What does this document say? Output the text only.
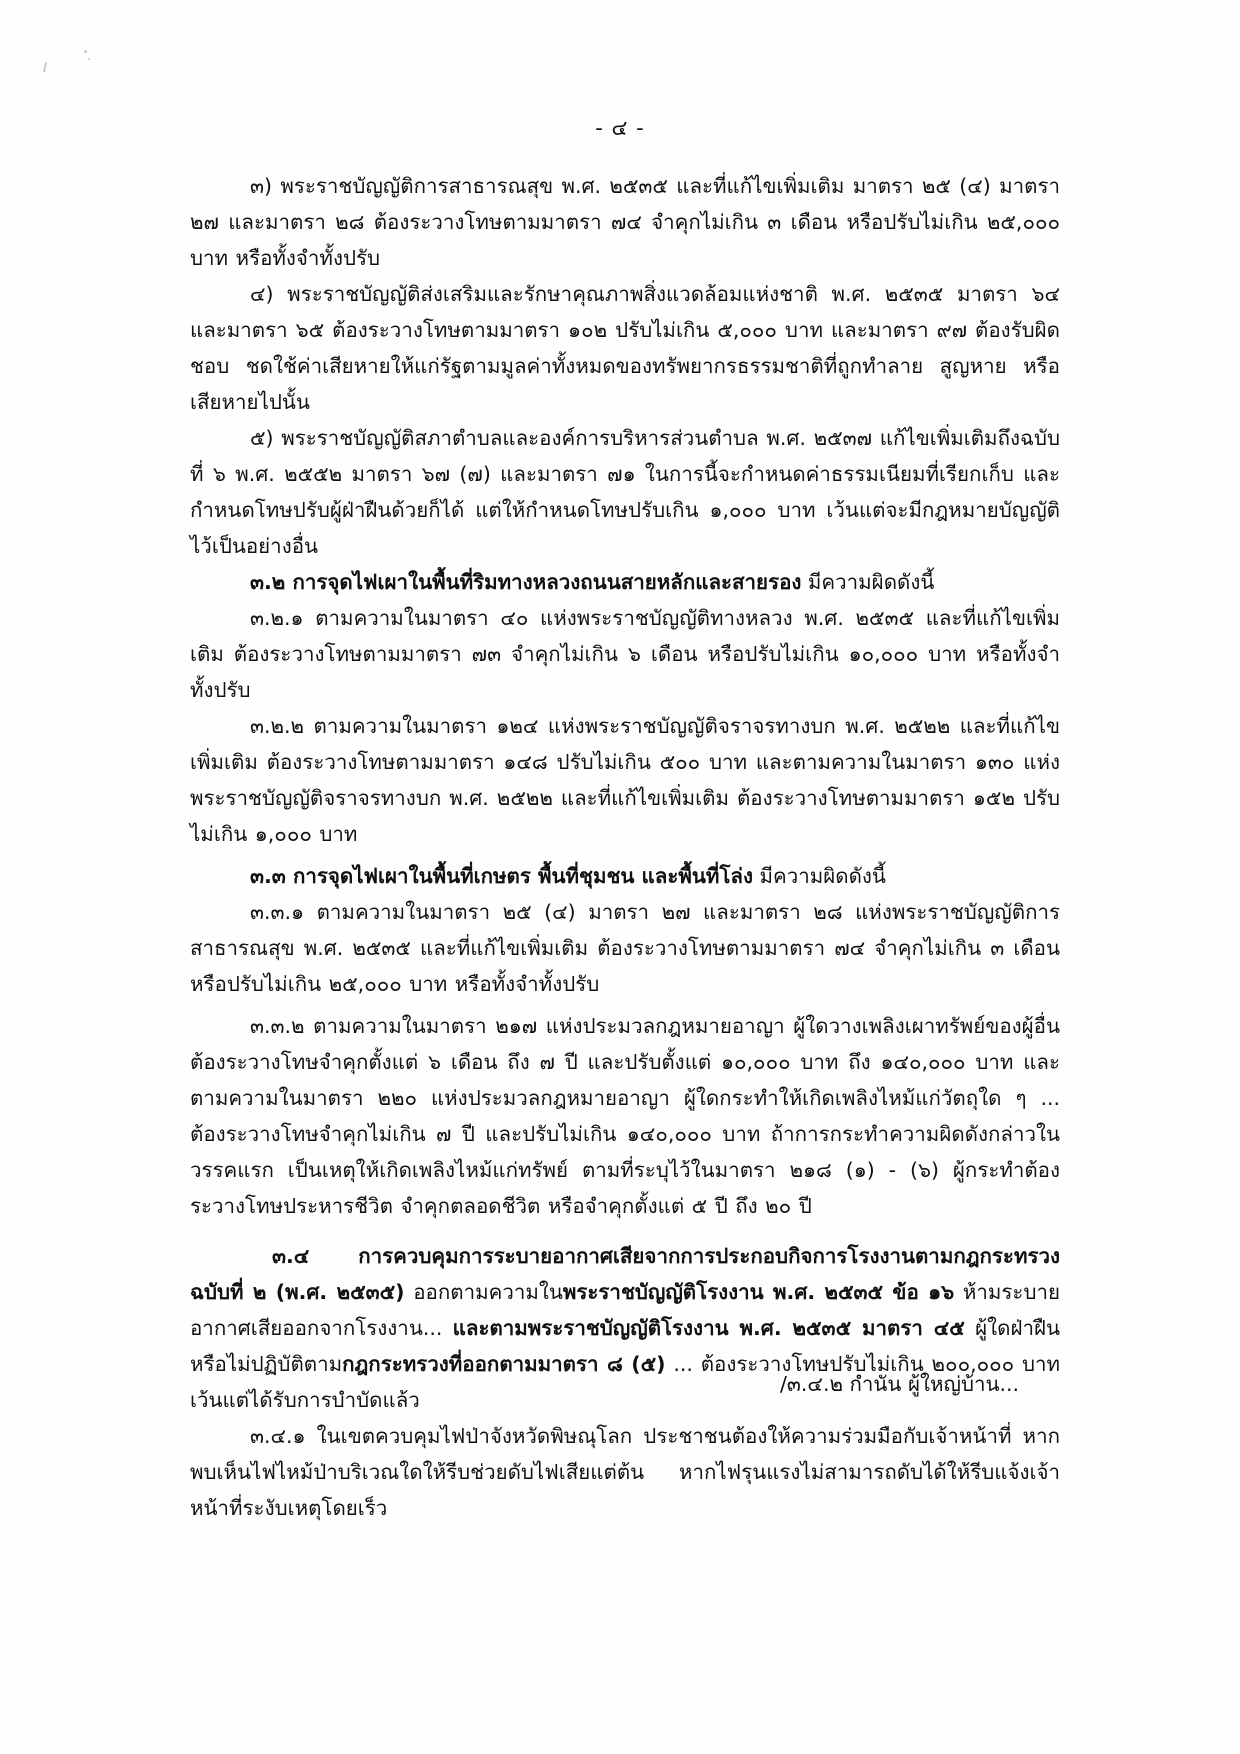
- ๔ -

๓) พระราชบัญญัติการสาธารณสุข พ.ศ. ๒๕๓๕ และที่แก้ไขเพิ่มเติม มาตรา ๒๕ (๔) มาตรา ๒๗ และมาตรา ๒๘ ต้องระวางโทษตามมาตรา ๗๔ จำคุกไม่เกิน ๓ เดือน หรือปรับไม่เกิน ๒๕,๐๐๐ บาท หรือทั้งจำทั้งปรับ

๔) พระราชบัญญัติส่งเสริมและรักษาคุณภาพสิ่งแวดล้อมแห่งชาติ พ.ศ. ๒๕๓๕ มาตรา ๖๔ และมาตรา ๖๕ ต้องระวางโทษตามมาตรา ๑๐๒ ปรับไม่เกิน ๕,๐๐๐ บาท และมาตรา ๙๗ ต้องรับผิดชอบ ชดใช้ค่าเสียหายให้แก่รัฐตามมูลค่าทั้งหมดของทรัพยากรธรรมชาติที่ถูกทำลาย สูญหาย หรือเสียหายไปนั้น

๕) พระราชบัญญัติสภาตำบลและองค์การบริหารส่วนตำบล พ.ศ. ๒๕๓๗ แก้ไขเพิ่มเติมถึงฉบับที่ ๖ พ.ศ. ๒๕๕๒ มาตรา ๖๗ (๗) และมาตรา ๗๑ ในการนี้จะกำหนดค่าธรรมเนียมที่เรียกเก็บ และกำหนดโทษปรับผู้ฝ่าฝืนด้วยก็ได้ แต่ให้กำหนดโทษปรับเกิน ๑,๐๐๐ บาท เว้นแต่จะมีกฎหมายบัญญัติไว้เป็นอย่างอื่น

๓.๒ การจุดไฟเผาในพื้นที่ริมทางหลวงถนนสายหลักและสายรอง มีความผิดดังนี้

๓.๒.๑ ตามความในมาตรา ๔๐ แห่งพระราชบัญญัติทางหลวง พ.ศ. ๒๕๓๕ และที่แก้ไขเพิ่มเติม ต้องระวางโทษตามมาตรา ๗๓ จำคุกไม่เกิน ๖ เดือน หรือปรับไม่เกิน ๑๐,๐๐๐ บาท หรือทั้งจำทั้งปรับ

๓.๒.๒ ตามความในมาตรา ๑๒๔ แห่งพระราชบัญญัติจราจรทางบก พ.ศ. ๒๕๒๒ และที่แก้ไขเพิ่มเติม ต้องระวางโทษตามมาตรา ๑๔๘ ปรับไม่เกิน ๕๐๐ บาท และตามความในมาตรา ๑๓๐ แห่งพระราชบัญญัติจราจรทางบก พ.ศ. ๒๕๒๒ และที่แก้ไขเพิ่มเติม ต้องระวางโทษตามมาตรา ๑๕๒ ปรับไม่เกิน ๑,๐๐๐ บาท

๓.๓ การจุดไฟเผาในพื้นที่เกษตร พื้นที่ชุมชน และพื้นที่โล่ง มีความผิดดังนี้

๓.๓.๑ ตามความในมาตรา ๒๕ (๔) มาตรา ๒๗ และมาตรา ๒๘ แห่งพระราชบัญญัติการสาธารณสุข พ.ศ. ๒๕๓๕ และที่แก้ไขเพิ่มเติม ต้องระวางโทษตามมาตรา ๗๔ จำคุกไม่เกิน ๓ เดือน หรือปรับไม่เกิน ๒๕,๐๐๐ บาท หรือทั้งจำทั้งปรับ

๓.๓.๒ ตามความในมาตรา ๒๑๗ แห่งประมวลกฎหมายอาญา ผู้ใดวางเพลิงเผาทรัพย์ของผู้อื่น ต้องระวางโทษจำคุกตั้งแต่ ๖ เดือน ถึง ๗ ปี และปรับตั้งแต่ ๑๐,๐๐๐ บาท ถึง ๑๔๐,๐๐๐ บาท และตามความในมาตรา ๒๒๐ แห่งประมวลกฎหมายอาญา ผู้ใดกระทำให้เกิดเพลิงไหม้แก่วัตถุใด ๆ ... ต้องระวางโทษจำคุกไม่เกิน ๗ ปี และปรับไม่เกิน ๑๔๐,๐๐๐ บาท ถ้าการกระทำความผิดดังกล่าวในวรรคแรก เป็นเหตุให้เกิดเพลิงไหม้แก่ทรัพย์ ตามที่ระบุไว้ในมาตรา ๒๑๘ (๑) - (๖) ผู้กระทำต้องระวางโทษประหารชีวิต จำคุกตลอดชีวิต หรือจำคุกตั้งแต่ ๕ ปี ถึง ๒๐ ปี

๓.๔ การควบคุมการระบายอากาศเสียจากการประกอบกิจการโรงงานตามกฎกระทรวง ฉบับที่ ๒ (พ.ศ. ๒๕๓๕) ออกตามความในพระราชบัญญัติโรงงาน พ.ศ. ๒๕๓๕ ข้อ ๑๖ ห้ามระบายอากาศเสียออกจากโรงงาน... และตามพระราชบัญญัติโรงงาน พ.ศ. ๒๕๓๕ มาตรา ๔๕ ผู้ใดฝ่าฝืนหรือไม่ปฏิบัติตามกฎกระทรวงที่ออกตามมาตรา ๘ (๕) ... ต้องระวางโทษปรับไม่เกิน ๒๐๐,๐๐๐ บาท เว้นแต่ได้รับการบำบัดแล้ว

๓.๔.๑ ในเขตควบคุมไฟป่าจังหวัดพิษณุโลก ประชาชนต้องให้ความร่วมมือกับเจ้าหน้าที่ หากพบเห็นไฟไหม้ป่าบริเวณใดให้รีบช่วยดับไฟเสียแต่ต้น หากไฟรุนแรงไม่สามารถดับได้ให้รีบแจ้งเจ้าหน้าที่ระงับเหตุโดยเร็ว

/๓.๔.๒ กำนัน ผู้ใหญ่บ้าน...
